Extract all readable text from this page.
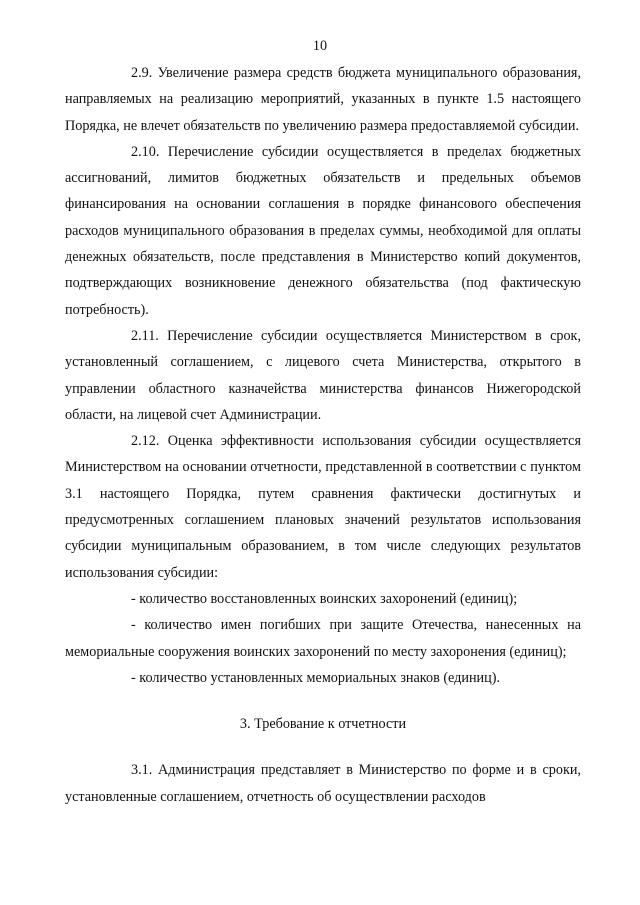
10

2.9. Увеличение размера средств бюджета муниципального образования, направляемых на реализацию мероприятий, указанных в пункте 1.5 настоящего Порядка, не влечет обязательств по увеличению размера предоставляемой субсидии.

2.10. Перечисление субсидии осуществляется в пределах бюджетных ассигнований, лимитов бюджетных обязательств и предельных объемов финансирования на основании соглашения в порядке финансового обеспечения расходов муниципального образования в пределах суммы, необходимой для оплаты денежных обязательств, после представления в Министерство копий документов, подтверждающих возникновение денежного обязательства (под фактическую потребность).

2.11. Перечисление субсидии осуществляется Министерством в срок, установленный соглашением, с лицевого счета Министерства, открытого в управлении областного казначейства министерства финансов Нижегородской области, на лицевой счет Администрации.

2.12. Оценка эффективности использования субсидии осуществляется Министерством на основании отчетности, представленной в соответствии с пунктом 3.1 настоящего Порядка, путем сравнения фактически достигнутых и предусмотренных соглашением плановых значений результатов использования субсидии муниципальным образованием, в том числе следующих результатов использования субсидии:

- количество восстановленных воинских захоронений (единиц);

- количество имен погибших при защите Отечества, нанесенных на мемориальные сооружения воинских захоронений по месту захоронения (единиц);

- количество установленных мемориальных знаков (единиц).

3. Требование к отчетности

3.1. Администрация представляет в Министерство по форме и в сроки, установленные соглашением, отчетность об осуществлении расходов
